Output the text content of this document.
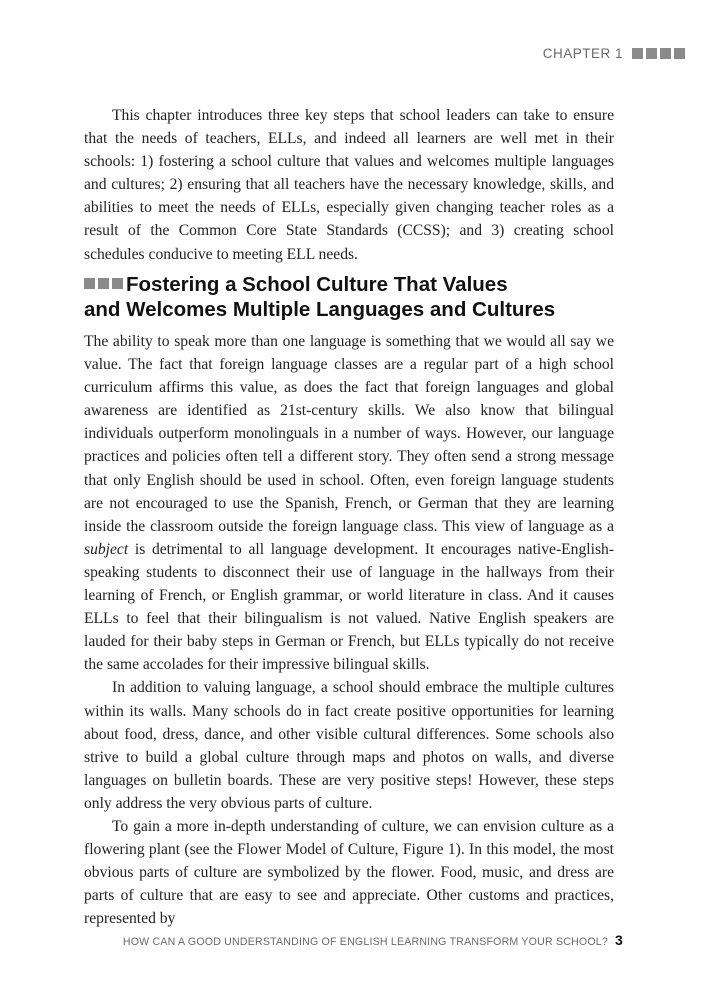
CHAPTER 1

This chapter introduces three key steps that school leaders can take to ensure that the needs of teachers, ELLs, and indeed all learners are well met in their schools: 1) fostering a school culture that values and welcomes multiple languages and cultures; 2) ensuring that all teachers have the necessary knowledge, skills, and abilities to meet the needs of ELLs, especially given changing teacher roles as a result of the Common Core State Standards (CCSS); and 3) creating school schedules conducive to meeting ELL needs.

Fostering a School Culture That Values
and Welcomes Multiple Languages and Cultures

The ability to speak more than one language is something that we would all say we value. The fact that foreign language classes are a regular part of a high school curriculum affirms this value, as does the fact that foreign languages and global awareness are identified as 21st-century skills. We also know that bilingual individuals outperform monolinguals in a number of ways. However, our language practices and policies often tell a different story. They often send a strong message that only English should be used in school. Often, even foreign language students are not encouraged to use the Spanish, French, or German that they are learning inside the classroom outside the foreign language class. This view of language as a subject is detrimental to all language development. It encourages native-English-speaking students to disconnect their use of language in the hallways from their learning of French, or English grammar, or world literature in class. And it causes ELLs to feel that their bilingualism is not valued. Native English speakers are lauded for their baby steps in German or French, but ELLs typically do not receive the same accolades for their impressive bilingual skills.

In addition to valuing language, a school should embrace the multiple cultures within its walls. Many schools do in fact create positive opportunities for learning about food, dress, dance, and other visible cultural differences. Some schools also strive to build a global culture through maps and photos on walls, and diverse languages on bulletin boards. These are very positive steps! However, these steps only address the very obvious parts of culture.

To gain a more in-depth understanding of culture, we can envision culture as a flowering plant (see the Flower Model of Culture, Figure 1). In this model, the most obvious parts of culture are symbolized by the flower. Food, music, and dress are parts of culture that are easy to see and appreciate. Other customs and practices, represented by

HOW CAN A GOOD UNDERSTANDING OF ENGLISH LEARNING TRANSFORM YOUR SCHOOL? 3
